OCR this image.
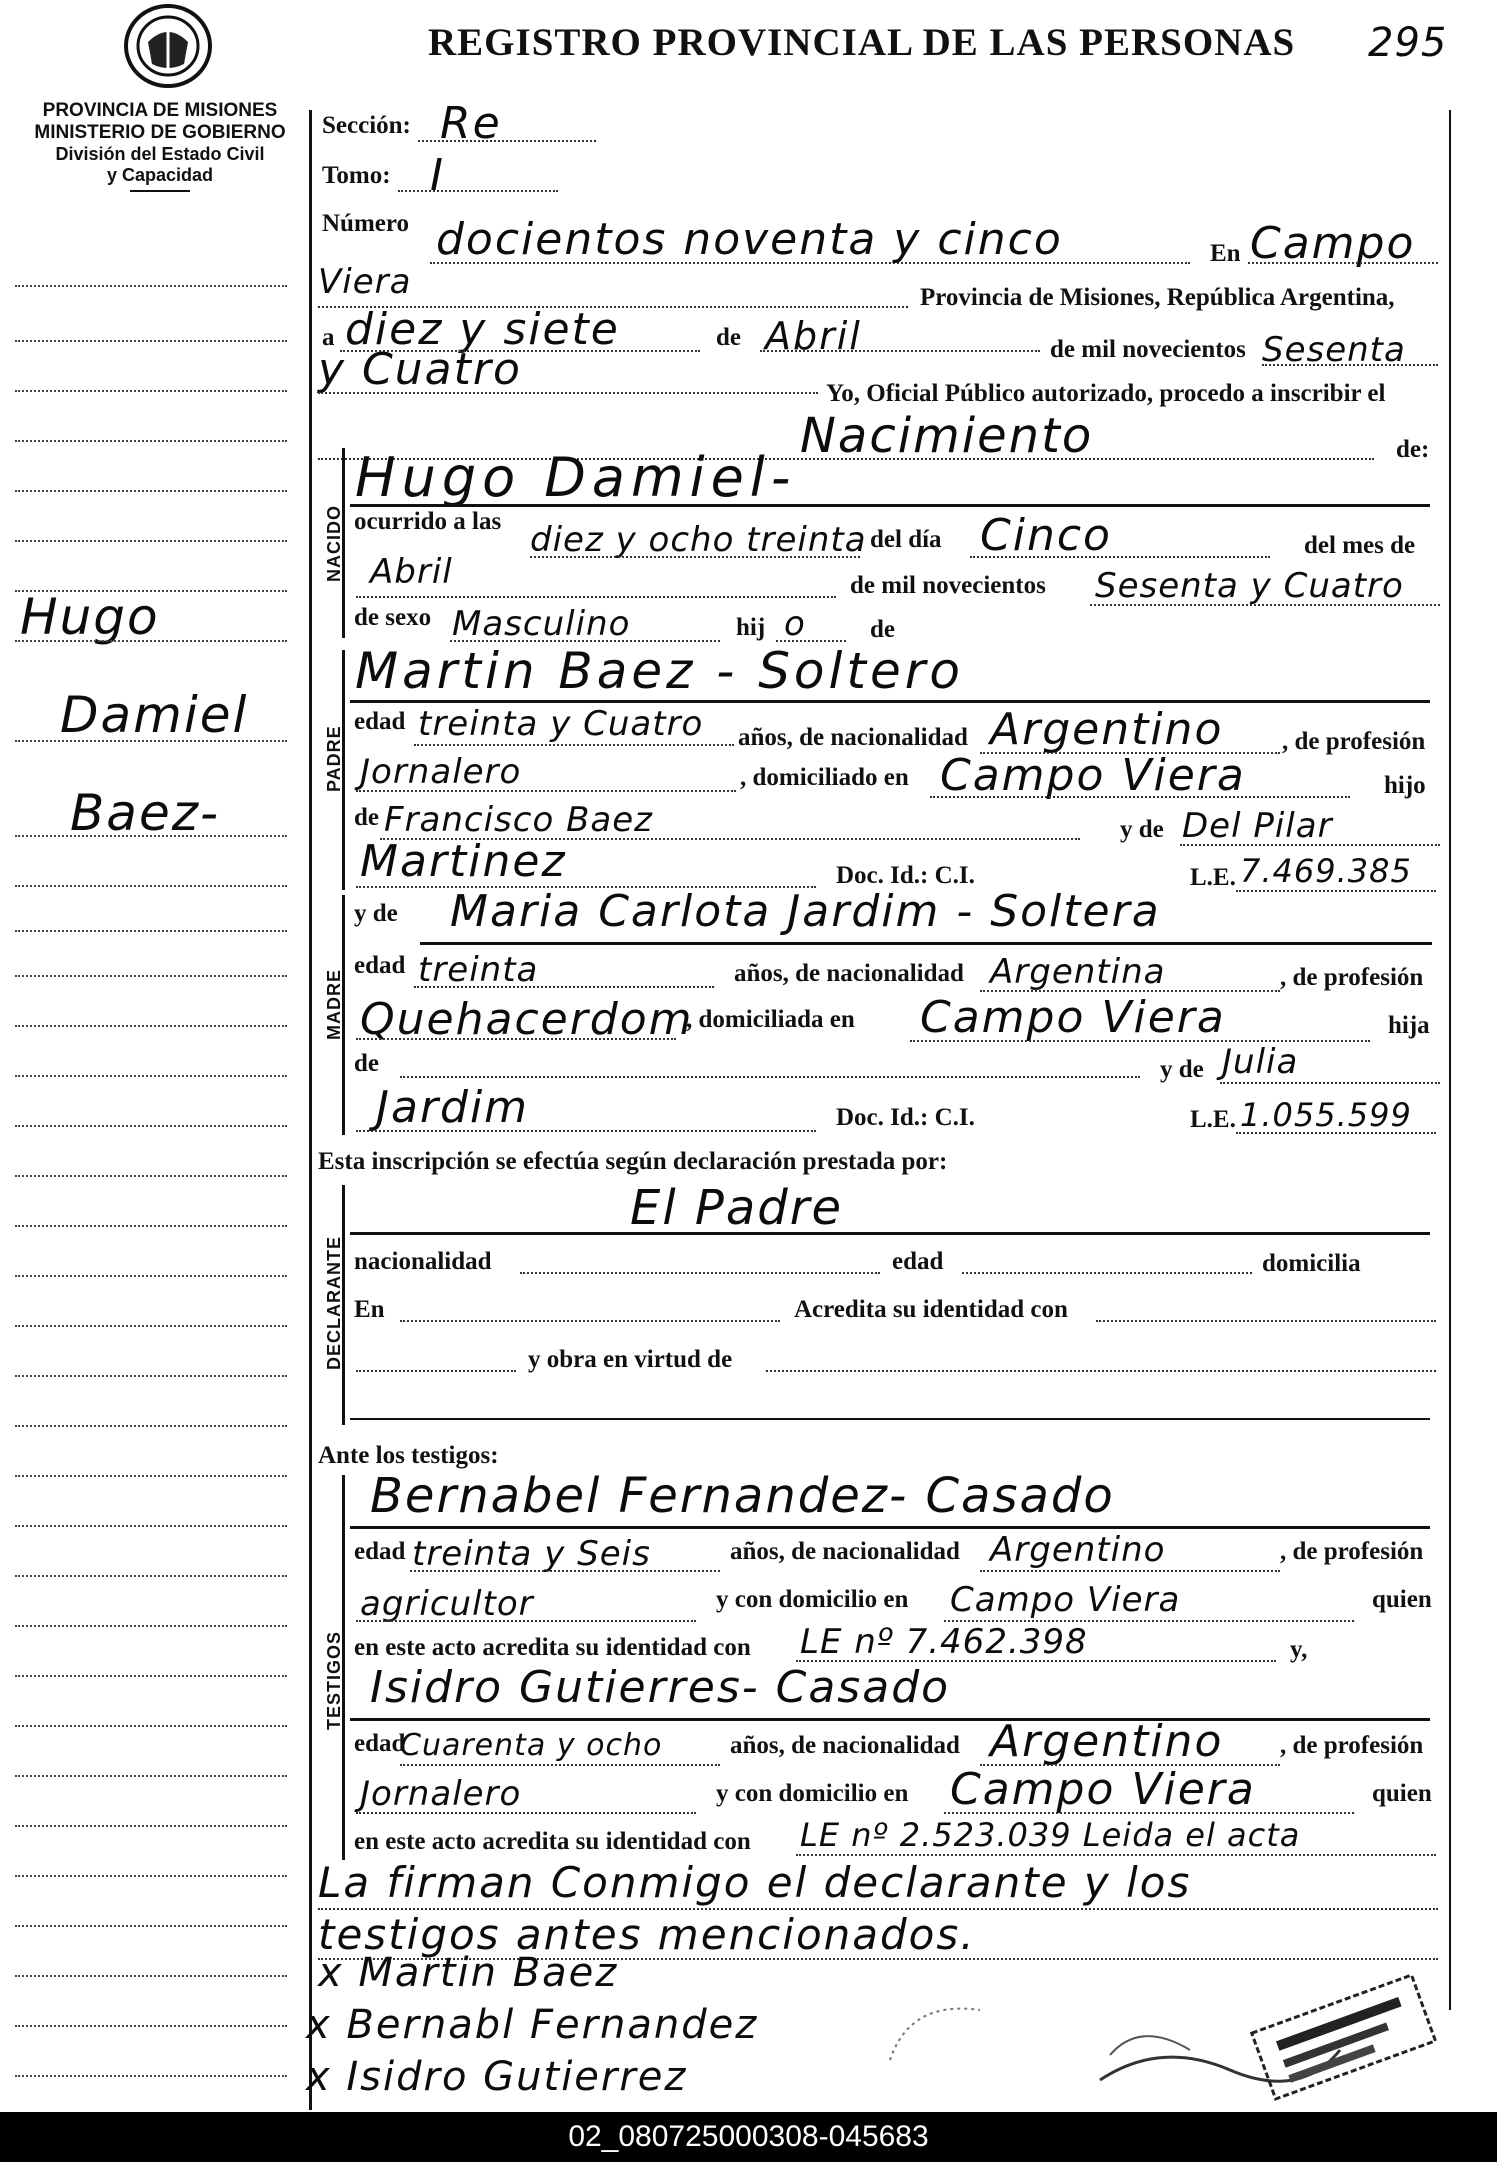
REGISTRO PROVINCIAL DE LAS PERSONAS 295
PROVINCIA DE MISIONES
MINISTERIO DE GOBIERNO
División del Estado Civil
y Capacidad
Hugo
Damiel
Baez-
Sección: Re
Tomo: I
Número docientos noventa y cinco	En Campo
Viera	Provincia de Misiones, República Argentina,
a diez y siete	de Abril	de mil novecientos Sesenta
y Cuatro	Yo, Oficial Público autorizado, procedo a inscribir el
Nacimiento	de:
NACIDO
Hugo Damiel-
ocurrido a las diez y ocho treinta del día Cinco	del mes de
Abril	de mil novecientos Sesenta y Cuatro
de sexo Masculino	hij o	de
PADRE
Martin Baez - Soltero
edad treinta y Cuatro años, de nacionalidad Argentino , de profesión
Jornalero	, domiciliado en Campo Viera	hijo
de Francisco Baez	y de Del Pilar
Martinez	Doc. Id.: C.I.	L.E. 7.469.385
MADRE
y de Maria Carlota Jardim - Soltera
edad treinta	años, de nacionalidad Argentina	, de profesión
Quehacerdom
, domiciliada en Campo Viera	hija
de	y de Julia
Jardim	Doc. Id.: C.I.	L.E. 1.055.599
Esta inscripción se efectúa según declaración prestada por:
DECLARANTE
El Padre
nacionalidad	edad	domicilia
En	Acredita su identidad con
y obra en virtud de
Ante los testigos:
TESTIGOS
Bernabel Fernandez- Casado
edad treinta y Seis	años, de nacionalidad Argentino	, de profesión
agricultor	y con domicilio en Campo Viera	quien
en este acto acredita su identidad con LE nº 7.462.398	y,
Isidro Gutierres- Casado
edad
Cuarenta y ocho	años, de nacionalidad Argentino , de profesión
Jornalero	y con domicilio en Campo Viera	quien
en este acto acredita su identidad con LE nº 2.523.039 Leida el acta
La firman Conmigo el declarante y los
testigos antes mencionados.
x Martin Baez
x Bernabl Fernandez
x Isidro Gutierrez
02_080725000308-045683
